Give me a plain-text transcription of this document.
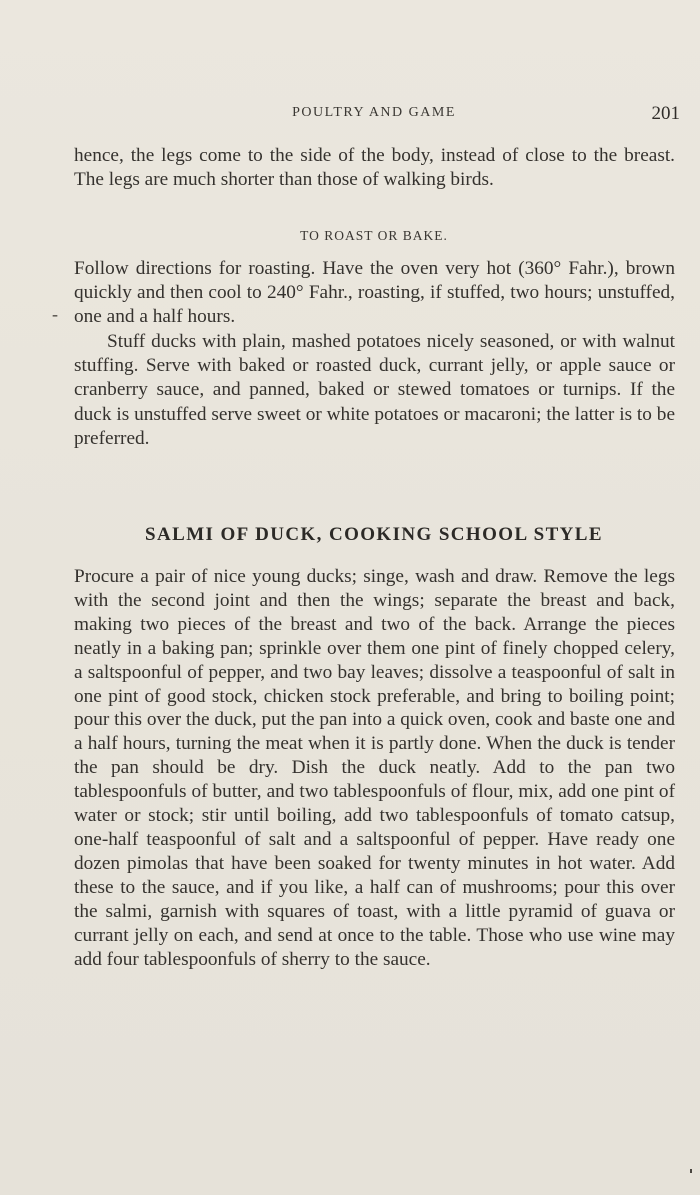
POULTRY AND GAME	201
hence, the legs come to the side of the body, instead of close to the breast. The legs are much shorter than those of walking birds.
TO ROAST OR BAKE.
Follow directions for roasting. Have the oven very hot (360° Fahr.), brown quickly and then cool to 240° Fahr., roasting, if stuffed, two hours; unstuffed, one and a half hours.
-
Stuff ducks with plain, mashed potatoes nicely seasoned, or with walnut stuffing. Serve with baked or roasted duck, currant jelly, or apple sauce or cranberry sauce, and panned, baked or stewed tomatoes or turnips. If the duck is unstuffed serve sweet or white potatoes or macaroni; the latter is to be preferred.
SALMI OF DUCK, COOKING SCHOOL STYLE
Procure a pair of nice young ducks; singe, wash and draw. Remove the legs with the second joint and then the wings; separate the breast and back, making two pieces of the breast and two of the back. Arrange the pieces neatly in a baking pan; sprinkle over them one pint of finely chopped celery, a saltspoonful of pepper, and two bay leaves; dissolve a teaspoonful of salt in one pint of good stock, chicken stock preferable, and bring to boiling point; pour this over the duck, put the pan into a quick oven, cook and baste one and a half hours, turning the meat when it is partly done. When the duck is tender the pan should be dry. Dish the duck neatly. Add to the pan two tablespoonfuls of butter, and two tablespoonfuls of flour, mix, add one pint of water or stock; stir until boiling, add two tablespoonfuls of tomato catsup, one-half teaspoonful of salt and a saltspoonful of pepper. Have ready one dozen pimolas that have been soaked for twenty minutes in hot water. Add these to the sauce, and if you like, a half can of mushrooms; pour this over the salmi, garnish with squares of toast, with a little pyramid of guava or currant jelly on each, and send at once to the table. Those who use wine may add four tablespoonfuls of sherry to the sauce.
